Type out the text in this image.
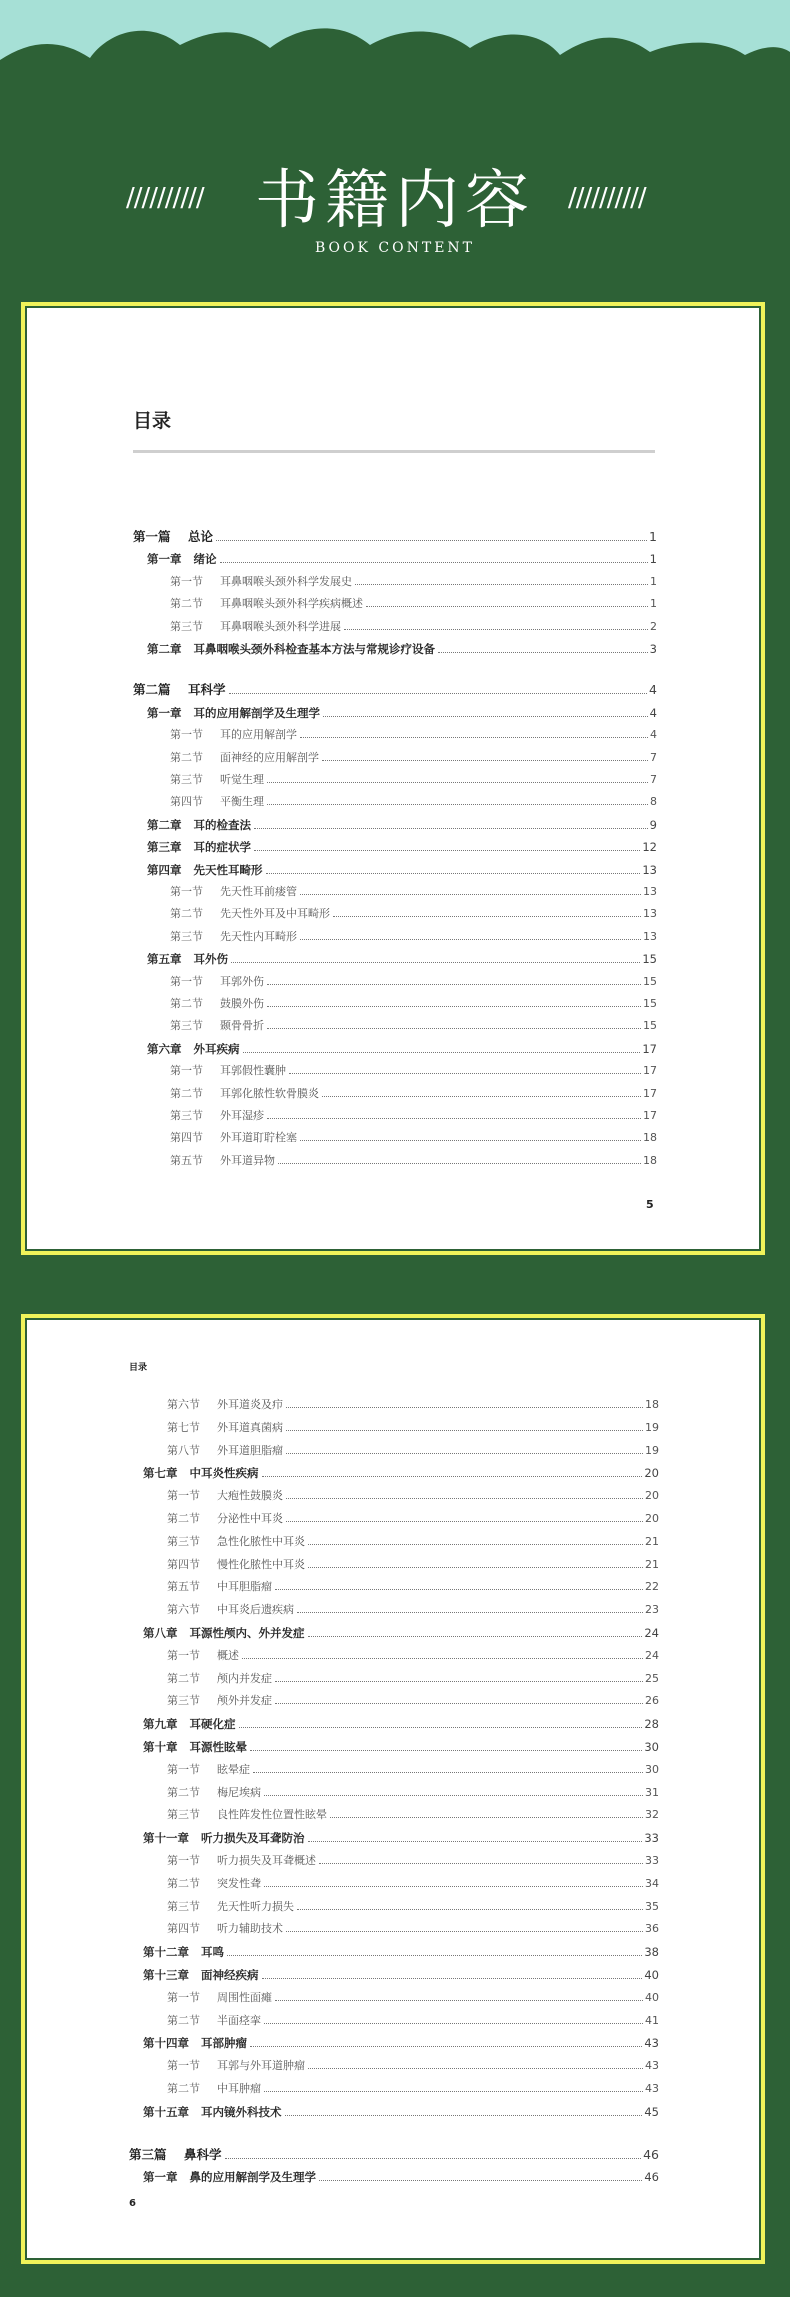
////////// 书籍内容	//////////
BOOK CONTENT
目录
第一篇	总论	1
第一章 绪论	1
第一节	耳鼻咽喉头颈外科学发展史	1
第二节	耳鼻咽喉头颈外科学疾病概述	1
第三节	耳鼻咽喉头颈外科学进展	2
第二章 耳鼻咽喉头颈外科检查基本方法与常规诊疗设备	3
第二篇	耳科学	4
第一章 耳的应用解剖学及生理学	4
第一节	耳的应用解剖学	4
第二节	面神经的应用解剖学	7
第三节	听觉生理	7
第四节	平衡生理	8
第二章 耳的检查法	9
第三章 耳的症状学	12
第四章 先天性耳畸形	13
第一节	先天性耳前瘘管	13
第二节	先天性外耳及中耳畸形	13
第三节	先天性内耳畸形	13
第五章 耳外伤	15
第一节	耳郭外伤	15
第二节	鼓膜外伤	15
第三节	颞骨骨折	15
第六章 外耳疾病	17
第一节	耳郭假性囊肿	17
第二节	耳郭化脓性软骨膜炎	17
第三节	外耳湿疹	17
第四节	外耳道耵聍栓塞	18
第五节	外耳道异物	18
5
目录
第六节	外耳道炎及疖	18
第七节	外耳道真菌病	19
第八节	外耳道胆脂瘤	19
第七章 中耳炎性疾病	20
第一节	大疱性鼓膜炎	20
第二节	分泌性中耳炎	20
第三节	急性化脓性中耳炎	21
第四节	慢性化脓性中耳炎	21
第五节	中耳胆脂瘤	22
第六节	中耳炎后遗疾病	23
第八章 耳源性颅内、外并发症	24
第一节	概述	24
第二节	颅内并发症	25
第三节	颅外并发症	26
第九章 耳硬化症	28
第十章 耳源性眩晕	30
第一节	眩晕症	30
第二节	梅尼埃病	31
第三节	良性阵发性位置性眩晕	32
第十一章 听力损失及耳聋防治	33
第一节	听力损失及耳聋概述	33
第二节	突发性聋	34
第三节	先天性听力损失	35
第四节	听力辅助技术	36
第十二章 耳鸣	38
第十三章 面神经疾病	40
第一节	周围性面瘫	40
第二节	半面痉挛	41
第十四章 耳部肿瘤	43
第一节	耳郭与外耳道肿瘤	43
第二节	中耳肿瘤	43
第十五章 耳内镜外科技术	45
第三篇	鼻科学	46
第一章 鼻的应用解剖学及生理学	46
6
